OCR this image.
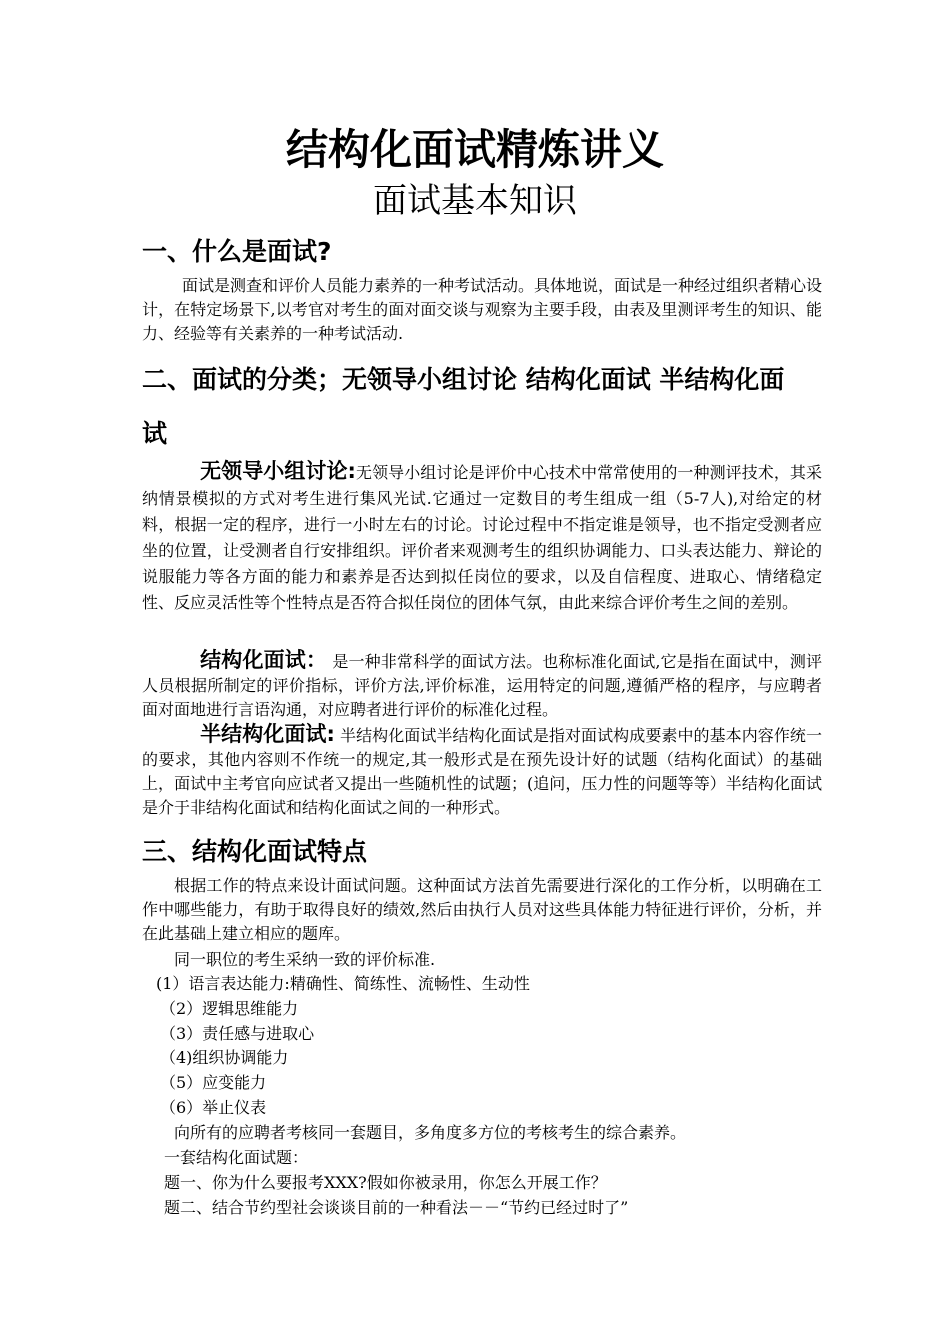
结构化面试精炼讲义
面试基本知识
一、什么是面试?
面试是测查和评价人员能力素养的一种考试活动。具体地说，面试是一种经过组织者精心设计，在特定场景下,以考官对考生的面对面交谈与观察为主要手段，由表及里测评考生的知识、能力、经验等有关素养的一种考试活动.
二、面试的分类；无领导小组讨论 结构化面试 半结构化面
试
无领导小组讨论:无领导小组讨论是评价中心技术中常常使用的一种测评技术，其采纳情景模拟的方式对考生进行集风光试.它通过一定数目的考生组成一组（5-7人),对给定的材料，根据一定的程序，进行一小时左右的讨论。讨论过程中不指定谁是领导，也不指定受测者应坐的位置，让受测者自行安排组织。评价者来观测考生的组织协调能力、口头表达能力、辩论的说服能力等各方面的能力和素养是否达到拟任岗位的要求，以及自信程度、进取心、情绪稳定性、反应灵活性等个性特点是否符合拟任岗位的团体气氛，由此来综合评价考生之间的差别。
结构化面试： 是一种非常科学的面试方法。也称标准化面试,它是指在面试中，测评人员根据所制定的评价指标，评价方法,评价标准，运用特定的问题,遵循严格的程序，与应聘者面对面地进行言语沟通，对应聘者进行评价的标准化过程。
半结构化面试: 半结构化面试半结构化面试是指对面试构成要素中的基本内容作统一的要求，其他内容则不作统一的规定,其一般形式是在预先设计好的试题（结构化面试）的基础上，面试中主考官向应试者又提出一些随机性的试题；(追问，压力性的问题等等）半结构化面试是介于非结构化面试和结构化面试之间的一种形式。
三、结构化面试特点
根据工作的特点来设计面试问题。这种面试方法首先需要进行深化的工作分析，以明确在工作中哪些能力，有助于取得良好的绩效,然后由执行人员对这些具体能力特征进行评价，分析，并在此基础上建立相应的题库。
同一职位的考生采纳一致的评价标准.
(1）语言表达能力:精确性、简练性、流畅性、生动性
（2）逻辑思维能力
（3）责任感与进取心
（4)组织协调能力
（5）应变能力
（6）举止仪表
向所有的应聘者考核同一套题目，多角度多方位的考核考生的综合素养。
一套结构化面试题：
题一、你为什么要报考XXX?假如你被录用，你怎么开展工作？
题二、结合节约型社会谈谈目前的一种看法－－“节约已经过时了”
